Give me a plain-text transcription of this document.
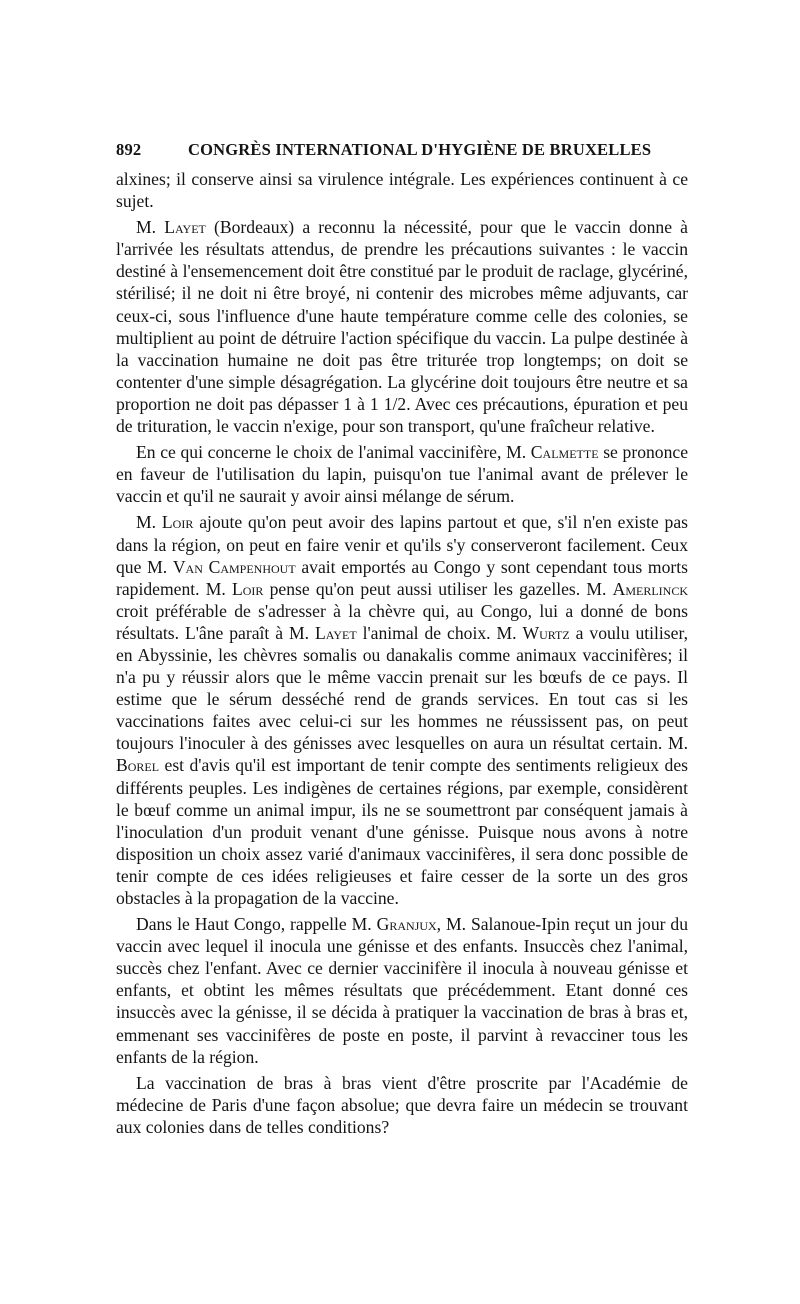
892	CONGRÈS INTERNATIONAL D'HYGIÈNE DE BRUXELLES

alxines; il conserve ainsi sa virulence intégrale. Les expériences continuent à ce sujet.

M. Layet (Bordeaux) a reconnu la nécessité, pour que le vaccin donne à l'arrivée les résultats attendus, de prendre les précautions suivantes : le vaccin destiné à l'ensemencement doit être constitué par le produit de raclage, glycériné, stérilisé; il ne doit ni être broyé, ni contenir des microbes même adjuvants, car ceux-ci, sous l'influence d'une haute température comme celle des colonies, se multiplient au point de détruire l'action spécifique du vaccin. La pulpe destinée à la vaccination humaine ne doit pas être triturée trop longtemps; on doit se contenter d'une simple désagrégation. La glycérine doit toujours être neutre et sa proportion ne doit pas dépasser 1 à 1 1/2. Avec ces précautions, épuration et peu de trituration, le vaccin n'exige, pour son transport, qu'une fraîcheur relative.

En ce qui concerne le choix de l'animal vaccinifère, M. Calmette se prononce en faveur de l'utilisation du lapin, puisqu'on tue l'animal avant de prélever le vaccin et qu'il ne saurait y avoir ainsi mélange de sérum.

M. Loir ajoute qu'on peut avoir des lapins partout et que, s'il n'en existe pas dans la région, on peut en faire venir et qu'ils s'y conserveront facilement. Ceux que M. Van Campenhout avait emportés au Congo y sont cependant tous morts rapidement. M. Loir pense qu'on peut aussi utiliser les gazelles. M. Amerlinck croit préférable de s'adresser à la chèvre qui, au Congo, lui a donné de bons résultats. L'âne paraît à M. Layet l'animal de choix. M. Wurtz a voulu utiliser, en Abyssinie, les chèvres somalis ou danakalis comme animaux vaccinifères; il n'a pu y réussir alors que le même vaccin prenait sur les bœufs de ce pays. Il estime que le sérum desséché rend de grands services. En tout cas si les vaccinations faites avec celui-ci sur les hommes ne réussissent pas, on peut toujours l'inoculer à des génisses avec lesquelles on aura un résultat certain. M. Borel est d'avis qu'il est important de tenir compte des sentiments religieux des différents peuples. Les indigènes de certaines régions, par exemple, considèrent le bœuf comme un animal impur, ils ne se soumettront par conséquent jamais à l'inoculation d'un produit venant d'une génisse. Puisque nous avons à notre disposition un choix assez varié d'animaux vaccinifères, il sera donc possible de tenir compte de ces idées religieuses et faire cesser de la sorte un des gros obstacles à la propagation de la vaccine.

Dans le Haut Congo, rappelle M. Granjux, M. Salanoue-Ipin reçut un jour du vaccin avec lequel il inocula une génisse et des enfants. Insuccès chez l'animal, succès chez l'enfant. Avec ce dernier vaccinifère il inocula à nouveau génisse et enfants, et obtint les mêmes résultats que précédemment. Etant donné ces insuccès avec la génisse, il se décida à pratiquer la vaccination de bras à bras et, emmenant ses vaccinifères de poste en poste, il parvint à revacciner tous les enfants de la région.

La vaccination de bras à bras vient d'être proscrite par l'Académie de médecine de Paris d'une façon absolue; que devra faire un médecin se trouvant aux colonies dans de telles conditions?
